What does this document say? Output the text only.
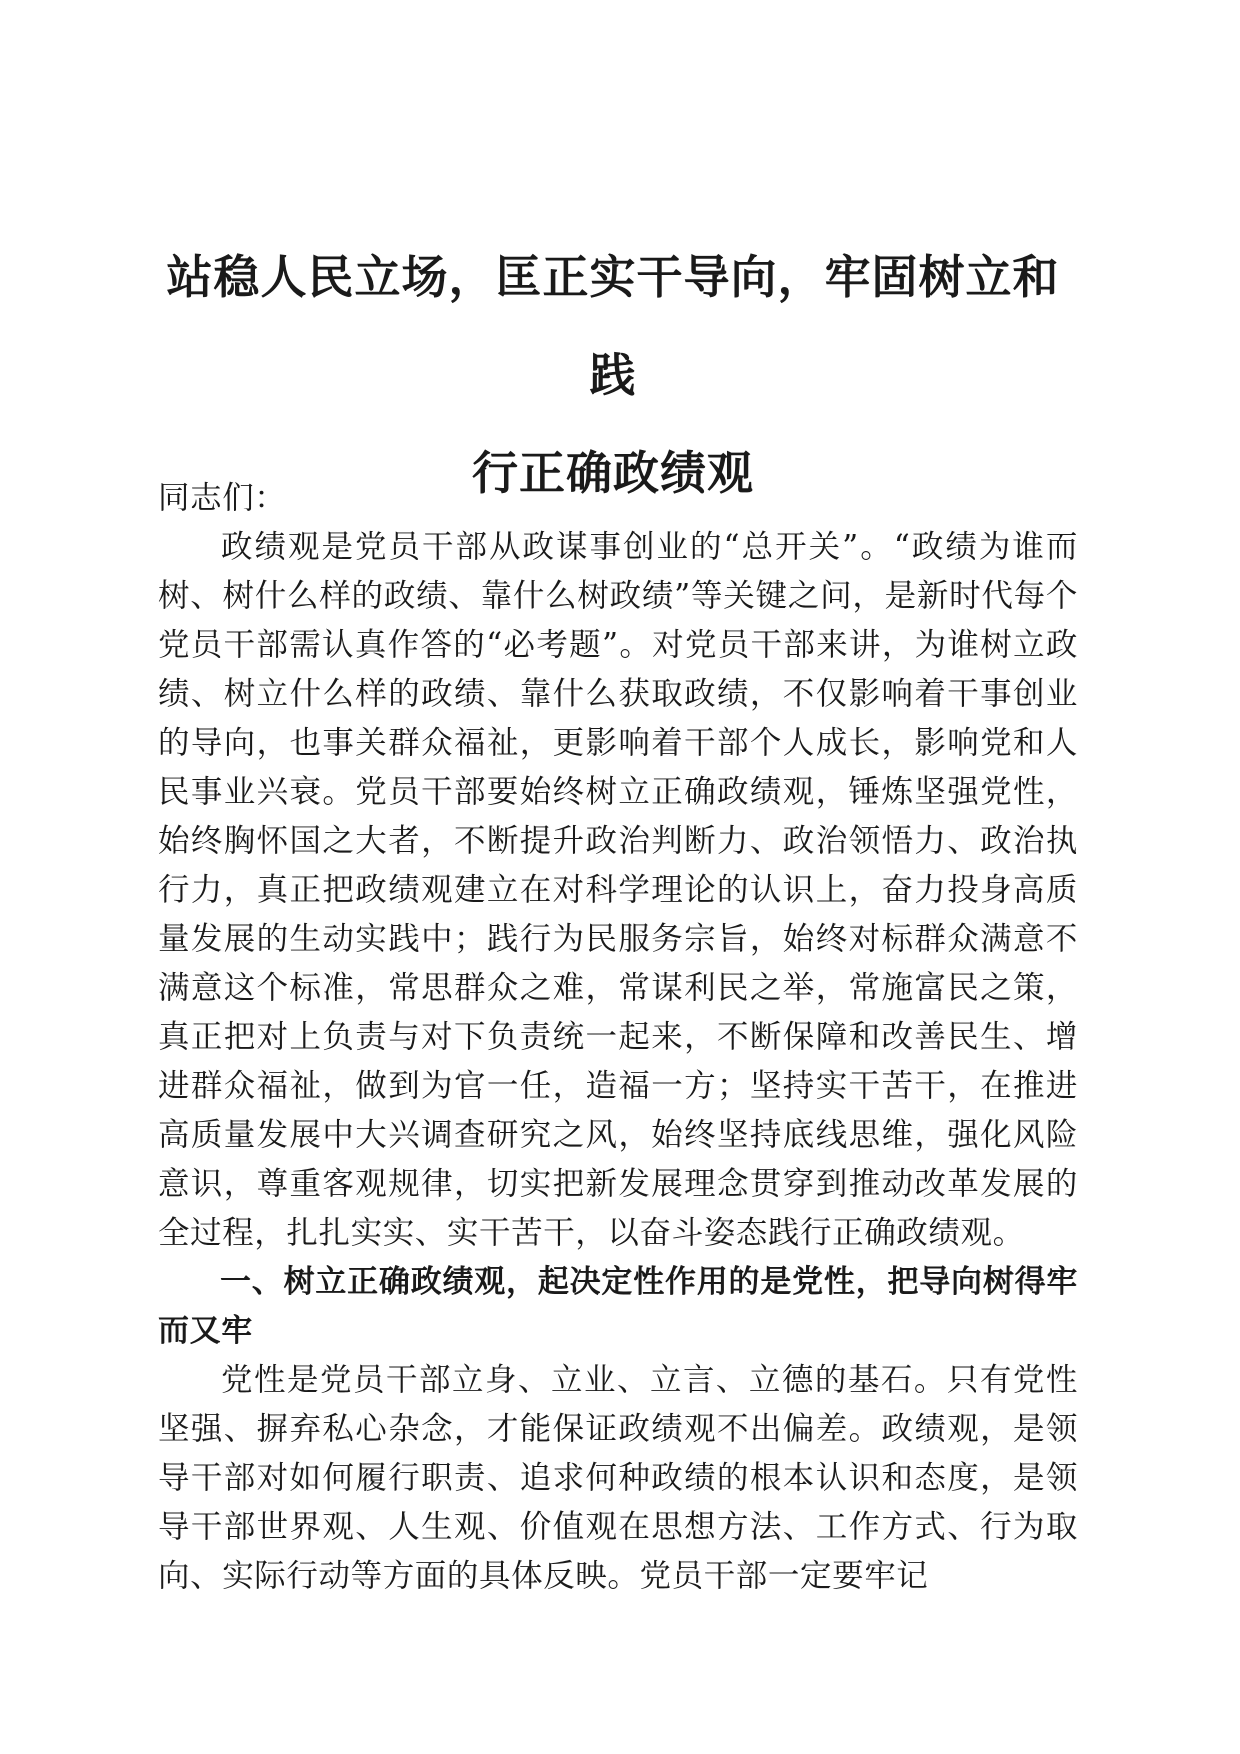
站稳人民立场，匡正实干导向，牢固树立和践
行正确政绩观

同志们：

政绩观是党员干部从政谋事创业的“总开关”。“政绩为谁而树、树什么样的政绩、靠什么树政绩”等关键之问，是新时代每个党员干部需认真作答的“必考题”。对党员干部来讲，为谁树立政绩、树立什么样的政绩、靠什么获取政绩，不仅影响着干事创业的导向，也事关群众福祉，更影响着干部个人成长，影响党和人民事业兴衰。党员干部要始终树立正确政绩观，锤炼坚强党性，始终胸怀国之大者，不断提升政治判断力、政治领悟力、政治执行力，真正把政绩观建立在对科学理论的认识上，奋力投身高质量发展的生动实践中；践行为民服务宗旨，始终对标群众满意不满意这个标准，常思群众之难，常谋利民之举，常施富民之策，真正把对上负责与对下负责统一起来，不断保障和改善民生、增进群众福祉，做到为官一任，造福一方；坚持实干苦干，在推进高质量发展中大兴调查研究之风，始终坚持底线思维，强化风险意识，尊重客观规律，切实把新发展理念贯穿到推动改革发展的全过程，扎扎实实、实干苦干，以奋斗姿态践行正确政绩观。

一、树立正确政绩观，起决定性作用的是党性，把导向树得牢而又牢

党性是党员干部立身、立业、立言、立德的基石。只有党性坚强、摒弃私心杂念，才能保证政绩观不出偏差。政绩观，是领导干部对如何履行职责、追求何种政绩的根本认识和态度，是领导干部世界观、人生观、价值观在思想方法、工作方式、行为取向、实际行动等方面的具体反映。党员干部一定要牢记
